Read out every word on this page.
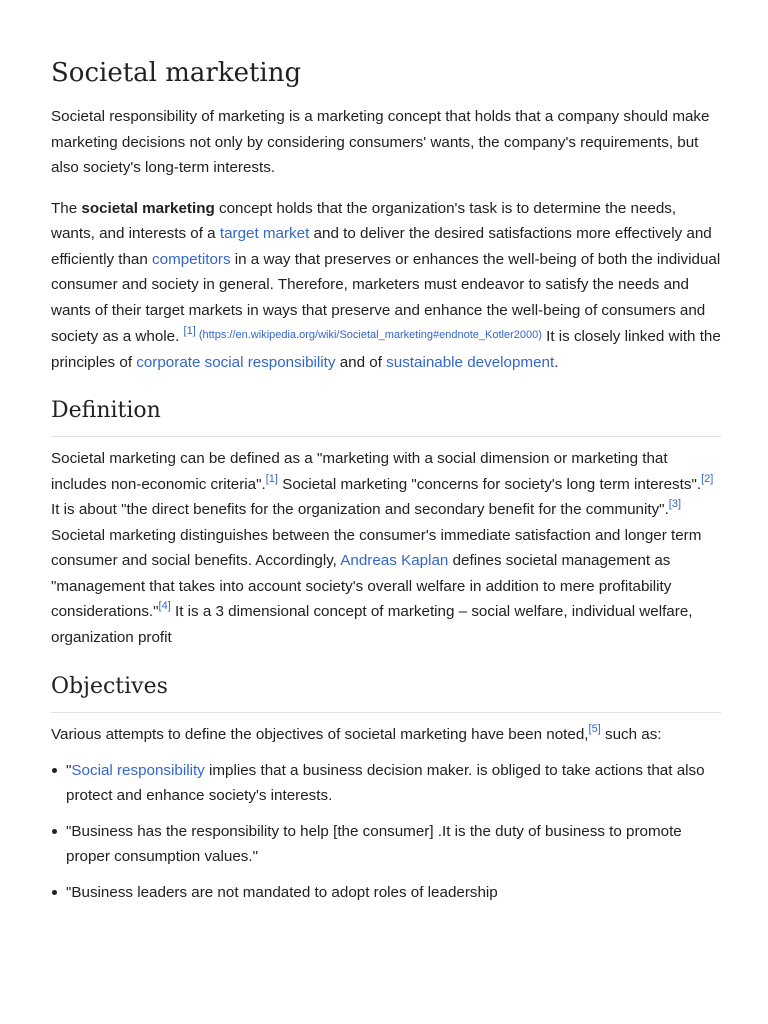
Societal marketing

Societal responsibility of marketing is a marketing concept that holds that a company should make marketing decisions not only by considering consumers' wants, the company's requirements, but also society's long-term interests.

The societal marketing concept holds that the organization's task is to determine the needs, wants, and interests of a target market and to deliver the desired satisfactions more effectively and efficiently than competitors in a way that preserves or enhances the well-being of both the individual consumer and society in general. Therefore, marketers must endeavor to satisfy the needs and wants of their target markets in ways that preserve and enhance the well-being of consumers and society as a whole. [1] (https://en.wikipedia.org/wiki/Societal_marketing#endnote_Kotler2000) It is closely linked with the principles of corporate social responsibility and of sustainable development.

Definition

Societal marketing can be defined as a "marketing with a social dimension or marketing that includes non-economic criteria".[1] Societal marketing "concerns for society's long term interests".[2] It is about "the direct benefits for the organization and secondary benefit for the community".[3] Societal marketing distinguishes between the consumer's immediate satisfaction and longer term consumer and social benefits. Accordingly, Andreas Kaplan defines societal management as "management that takes into account society's overall welfare in addition to mere profitability considerations."[4] It is a 3 dimensional concept of marketing – social welfare, individual welfare, organization profit

Objectives

Various attempts to define the objectives of societal marketing have been noted,[5] such as:

"Social responsibility implies that a business decision maker. is obliged to take actions that also protect and enhance society's interests.
"Business has the responsibility to help [the consumer] .It is the duty of business to promote proper consumption values."
"Business leaders are not mandated to adopt roles of leadership
